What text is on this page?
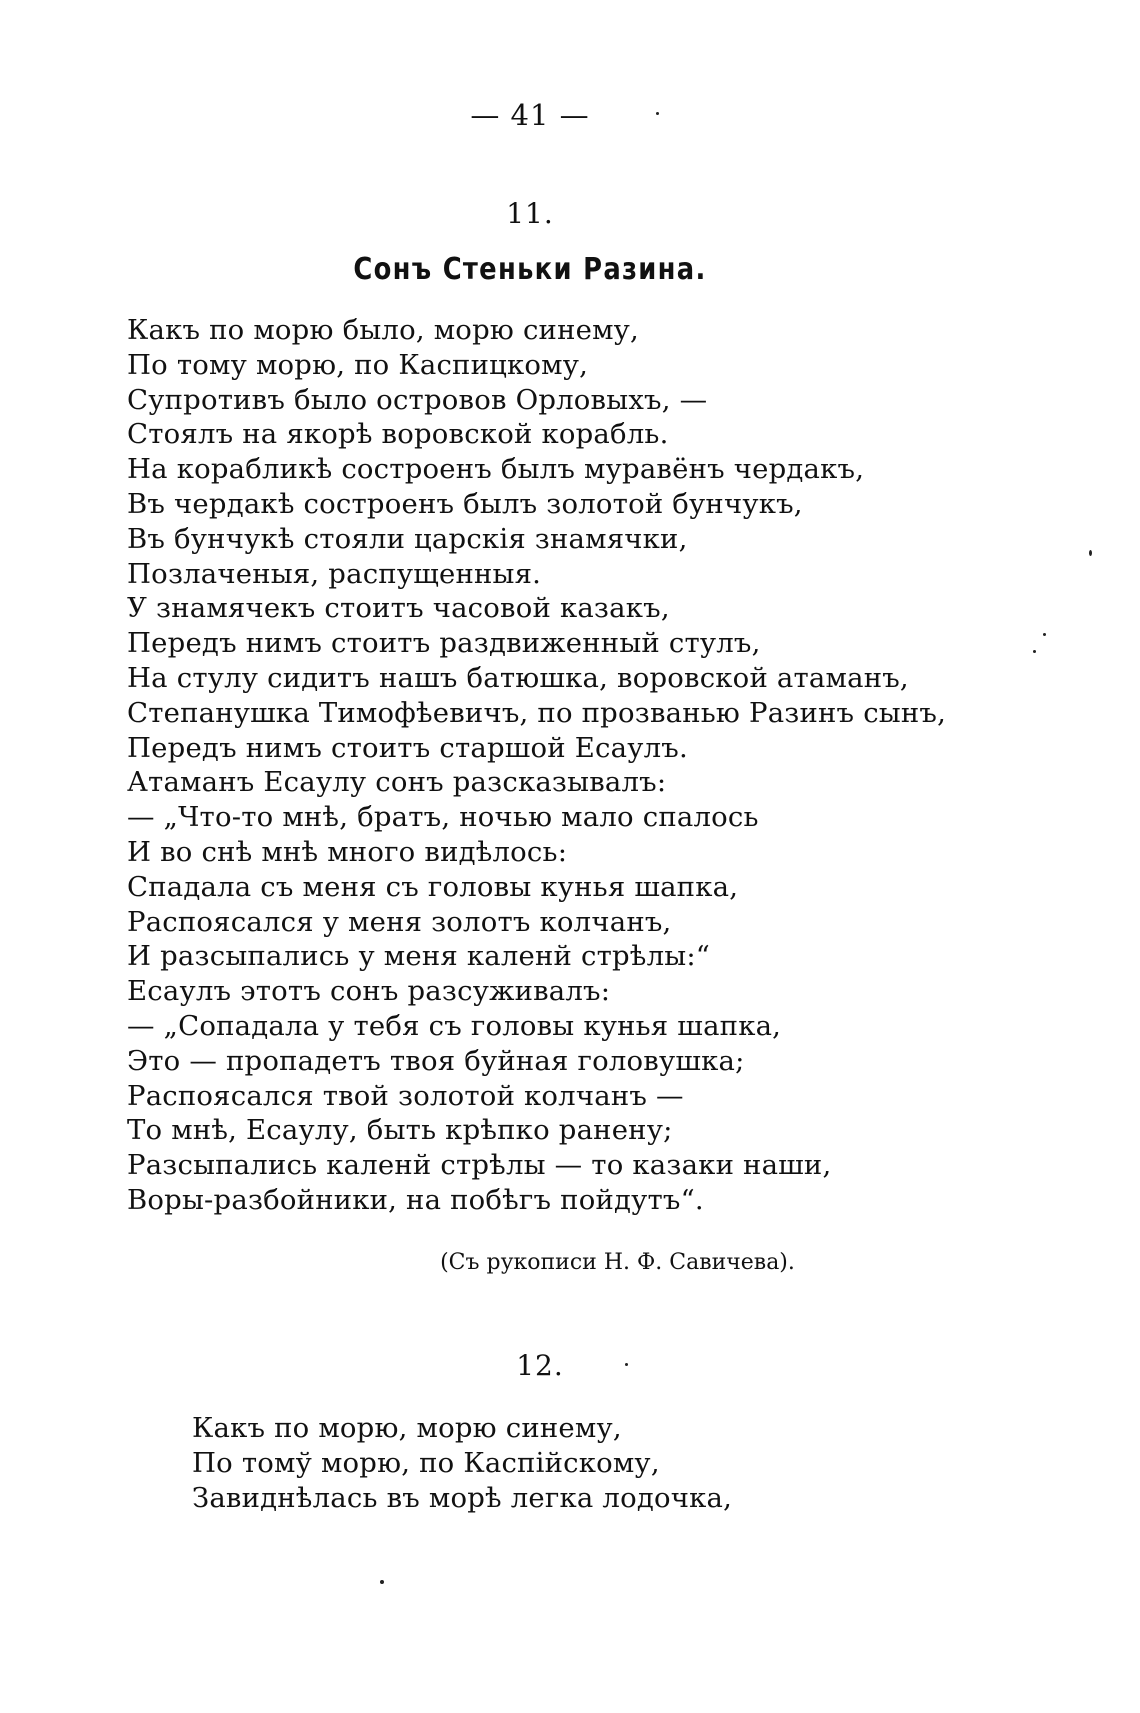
— 41 —
11.
Сонъ Стеньки Разина.
Какъ по морю было, морю синему,
По тому морю, по Каспицкому,
Супротивъ было островов Орловыхъ, —
Стоялъ на якорѣ воровской корабль.
На корабликѣ состроенъ былъ муравёнъ чердакъ,
Въ чердакѣ состроенъ былъ золотой бунчукъ,
Въ бунчукѣ стояли царскія знамячки,
Позлаченыя, распущенныя.
У знамячекъ стоитъ часовой казакъ,
Передъ нимъ стоитъ раздвиженный стулъ,
На стулу сидитъ нашъ батюшка, воровской атаманъ,
Степанушка Тимофѣевичъ, по прозванью Разинъ сынъ,
Передъ нимъ стоитъ старшой Есаулъ.
Атаманъ Есаулу сонъ разсказывалъ:
— „Что-то мнѣ, братъ, ночью мало спалось
И во снѣ мнѣ много видѣлось:
Спадала съ меня съ головы кунья шапка,
Распоясался у меня золотъ колчанъ,
И разсыпались у меня каленй стрѣлы:“
Есаулъ этотъ сонъ разсуживалъ:
— „Сопадала у тебя съ головы кунья шапка,
Это — пропадетъ твоя буйная головушка;
Распоясался твой золотой колчанъ —
То мнѣ, Есаулу, быть крѣпко ранену;
Разсыпались каленй стрѣлы — то казаки наши,
Воры-разбойники, на побѣгъ пойдутъ“.
(Съ рукописи Н. Ф. Савичева).
12.
Какъ по морю, морю синему,
По томў морю, по Каспійскому,
Завиднѣлась въ морѣ легка лодочка,
